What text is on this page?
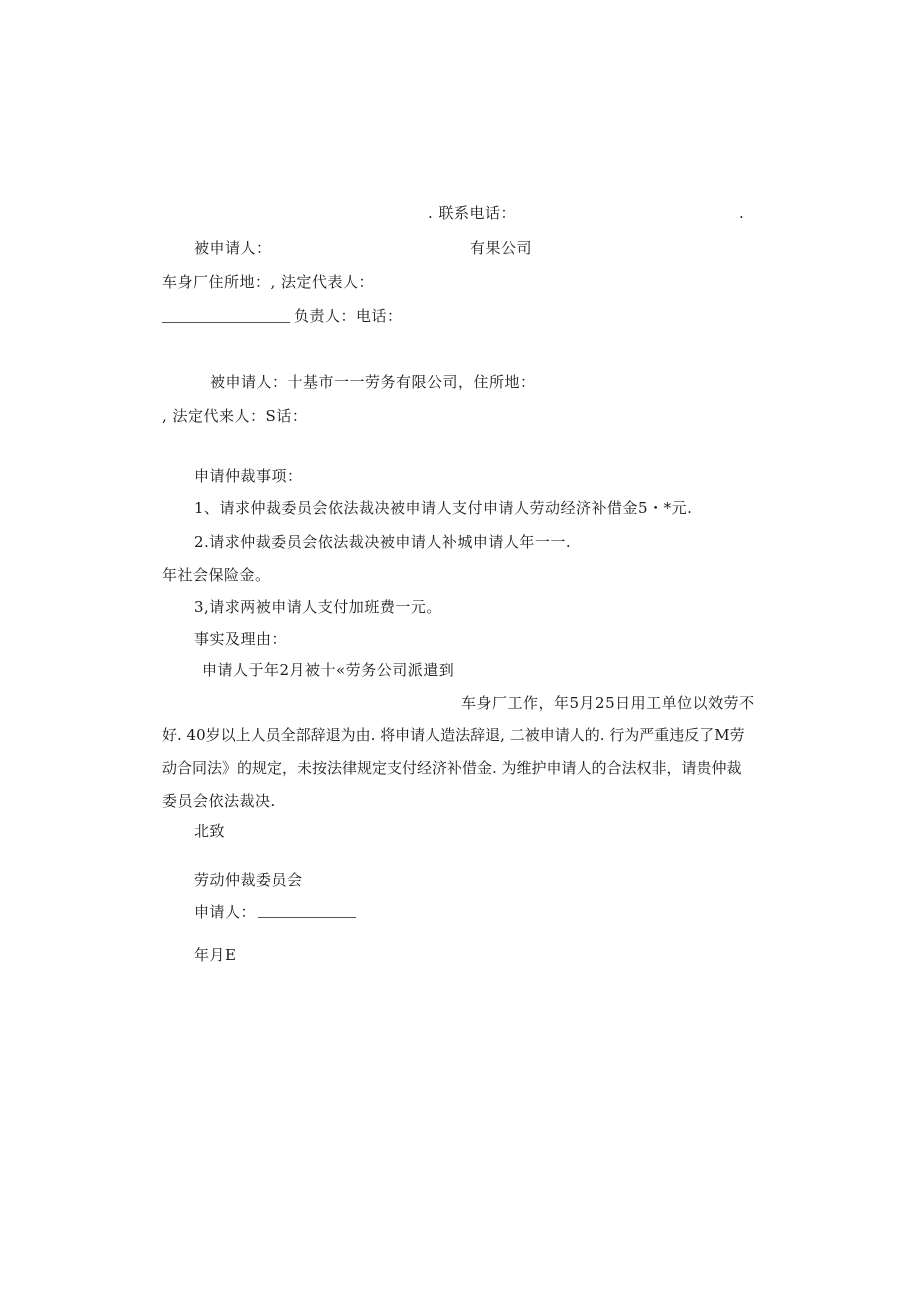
. 联系电话：	.
被申请人：	有果公司
车身厂住所地：, 法定代表人：
负责人：电话：
被申请人：十基市一一劳务有限公司，住所地：
, 法定代来人：S话：
申请仲裁事项：
1、请求仲裁委员会依法裁决被申请人支付申请人劳动经济补借金5・*元.
2.请求仲裁委员会依法裁决被申请人补城申请人年一一.
年社会保险金。
3,请求两被申请人支付加班费一元。
事实及理由：
申请人于年2月被十«劳务公司派遣到
车身厂工作，年5月25日用工单位以效劳不
好. 40岁以上人员全部辞退为由. 将申请人造法辞退, 二被申请人的. 行为严重违反了M劳
动合同法》的规定，未按法律规定支付经济补借金. 为维护申请人的合法权非，请贵仲裁
委员会依法裁决.
北致
劳动仲裁委员会
申请人：
年月E
